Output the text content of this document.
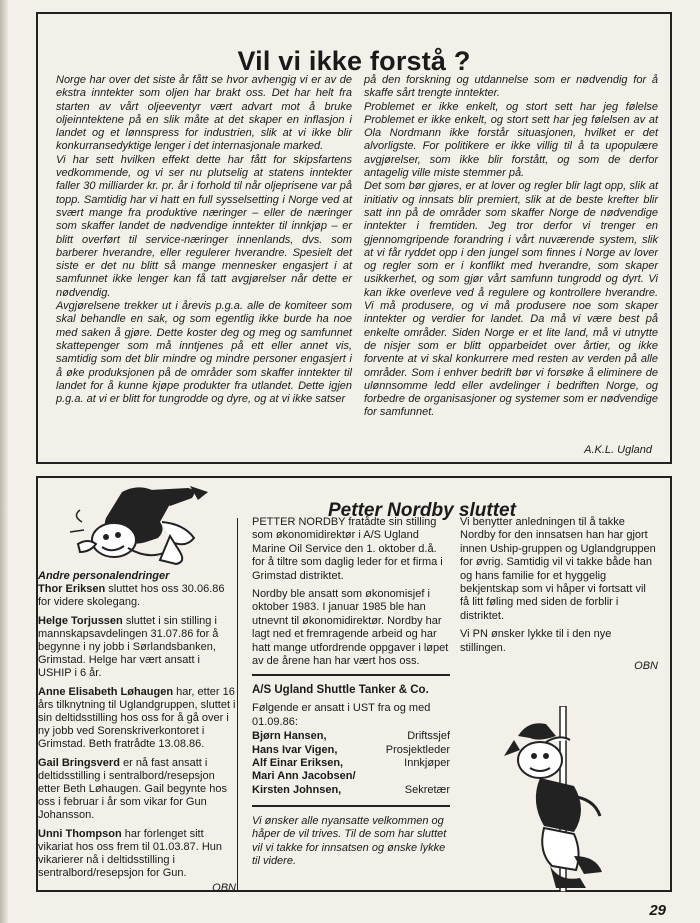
Vil vi ikke forstå ?

Norge har over det siste år fått se hvor avhengig vi er av de ekstra inntekter som oljen har brakt oss. Det har helt fra starten av vårt oljeeventyr vært advart mot å bruke oljeinntektene på en slik måte at det skaper en inflasjon i landet og et lønnspress for industrien, slik at vi ikke blir konkurransedyktige lenger i det internasjonale marked.

Vi har sett hvilken effekt dette har fått for skipsfartens vedkommende, og vi ser nu plutselig at statens inntekter faller 30 milliarder kr. pr. år i forhold til når oljeprisene var på topp. Samtidig har vi hatt en full sysselsetting i Norge ved at svært mange fra produktive næringer – eller de næringer som skaffer landet de nødvendige inntekter til innkjøp – er blitt overført til service-næringer innenlands, dvs. som barberer hverandre, eller regulerer hverandre. Spesielt det siste er det nu blitt så mange mennesker engasjert i at samfunnet ikke lenger kan få tatt avgjørelser når dette er nødvendig.

Avgjørelsene trekker ut i årevis p.g.a. alle de komiteer som skal behandle en sak, og som egentlig ikke burde ha noe med saken å gjøre. Dette koster deg og meg og samfunnet skattepenger som må inntjenes på ett eller annet vis, samtidig som det blir mindre og mindre personer engasjert i å øke produksjonen på de områder som skaffer inntekter til landet for å kunne kjøpe produkter fra utlandet. Dette igjen p.g.a. at vi er blitt for tungrodde og dyre, og at vi ikke satser

på den forskning og utdannelse som er nødvendig for å skaffe sårt trengte inntekter.

Problemet er ikke enkelt, og stort sett har jeg følelse Problemet er ikke enkelt, og stort sett har jeg følelsen av at Ola Nordmann ikke forstår situasjonen, hvilket er det alvorligste. For politikere er ikke villig til å ta upopulære avgjørelser, som ikke blir forstått, og som de derfor antagelig ville miste stemmer på.

Det som bør gjøres, er at lover og regler blir lagt opp, slik at initiativ og innsats blir premiert, slik at de beste krefter blir satt inn på de områder som skaffer Norge de nødvendige inntekter i fremtiden. Jeg tror derfor vi trenger en gjennomgripende forandring i vårt nuværende system, slik at vi får ryddet opp i den jungel som finnes i Norge av lover og regler som er i konflikt med hverandre, som skaper usikkerhet, og som gjør vårt samfunn tungrodd og dyrt. Vi kan ikke overleve ved å regulere og kontrollere hverandre. Vi må produsere, og vi må produsere noe som skaper inntekter og verdier for landet. Da må vi være best på enkelte områder. Siden Norge er et lite land, må vi utnytte de nisjer som er blitt opparbeidet over årtier, og ikke forvente at vi skal konkurrere med resten av verden på alle områder. Som i enhver bedrift bør vi forsøke å eliminere de ulønnsomme ledd eller avdelinger i bedriften Norge, og forbedre de organisasjoner og systemer som er nødvendige for samfunnet.

A.K.L. Ugland
Petter Nordby sluttet

Andre personalendringer

Thor Eriksen sluttet hos oss 30.06.86 for videre skolegang.

Helge Torjussen sluttet i sin stilling i mannskapsavdelingen 31.07.86 for å begynne i ny jobb i Sørlandsbanken, Grimstad. Helge har vært ansatt i USHIP i 6 år.

Anne Elisabeth Løhaugen har, etter 16 års tilknytning til Uglandgruppen, sluttet i sin deltidsstilling hos oss for å gå over i ny jobb ved Sorenskriverkontoret i Grimstad. Beth fratrådte 13.08.86.

Gail Bringsverd er nå fast ansatt i deltidsstilling i sentralbord/resepsjon etter Beth Løhaugen. Gail begynte hos oss i februar i år som vikar for Gun Johansson.

Unni Thompson har forlenget sitt vikariat hos oss frem til 01.03.87. Hun vikarierer nå i deltidsstilling i sentralbord/resepsjon for Gun.

OBN

PETTER NORDBY fratådte sin stilling som økonomidirektør i A/S Ugland Marine Oil Service den 1. oktober d.å. for å tiltre som daglig leder for et firma i Grimstad distriktet.

Nordby ble ansatt som økonomisjef i oktober 1983. I januar 1985 ble han utnevnt til økonomidirektør. Nordby har lagt ned et fremragende arbeid og har hatt mange utfordrende oppgaver i løpet av de årene han har vært hos oss.

A/S Ugland Shuttle Tanker & Co.

Følgende er ansatt i UST fra og med 01.09.86:

Bjørn Hansen,	Driftssjef
Hans Ivar Vigen,	Prosjektleder
Alf Einar Eriksen,	Innkjøper
Mari Ann Jacobsen/
Kirsten Johnsen,	Sekretær

Vi ønsker alle nyansatte velkommen og håper de vil trives. Til de som har sluttet vil vi takke for innsatsen og ønske lykke til videre.

Vi benytter anledningen til å takke Nordby for den innsatsen han har gjort innen Uship-gruppen og Uglandgruppen for øvrig. Samtidig vil vi takke både han og hans familie for et hyggelig bekjentskap som vi håper vi fortsatt vil få litt føling med siden de forblir i distriktet.

Vi PN ønsker lykke til i den nye stillingen.

OBN

29
